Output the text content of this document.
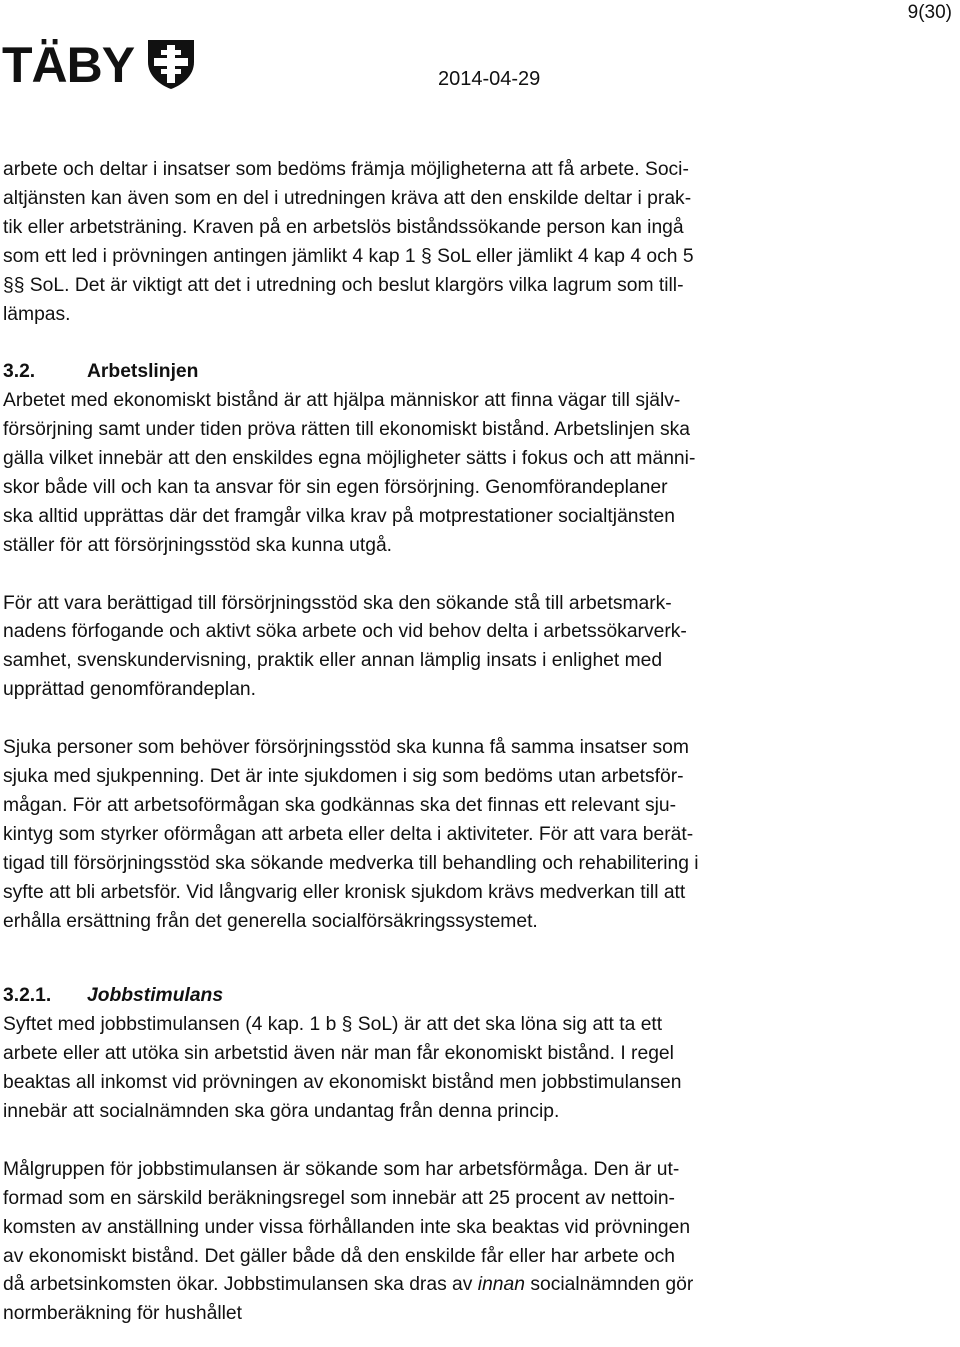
9(30)
TÄBY	2014-04-29

arbete och deltar i insatser som bedöms främja möjligheterna att få arbete. Soci-
altjänsten kan även som en del i utredningen kräva att den enskilde deltar i prak-
tik eller arbetsträning. Kraven på en arbetslös biståndssökande person kan ingå
som ett led i prövningen antingen jämlikt 4 kap 1 § SoL eller jämlikt 4 kap 4 och 5
§§ SoL. Det är viktigt att det i utredning och beslut klargörs vilka lagrum som till-
lämpas.

3.2.	Arbetslinjen

Arbetet med ekonomiskt bistånd är att hjälpa människor att finna vägar till själv-
försörjning samt under tiden pröva rätten till ekonomiskt bistånd. Arbetslinjen ska
gälla vilket innebär att den enskildes egna möjligheter sätts i fokus och att männi-
skor både vill och kan ta ansvar för sin egen försörjning. Genomförandeplaner
ska alltid upprättas där det framgår vilka krav på motprestationer socialtjänsten
ställer för att försörjningsstöd ska kunna utgå.

För att vara berättigad till försörjningsstöd ska den sökande stå till arbetsmark-
nadens förfogande och aktivt söka arbete och vid behov delta i arbetssökarverk-
samhet, svenskundervisning, praktik eller annan lämplig insats i enlighet med
upprättad genomförandeplan.

Sjuka personer som behöver försörjningsstöd ska kunna få samma insatser som
sjuka med sjukpenning. Det är inte sjukdomen i sig som bedöms utan arbetsför-
mågan. För att arbetsoförmågan ska godkännas ska det finnas ett relevant sju-
kintyg som styrker oförmågan att arbeta eller delta i aktiviteter. För att vara berät-
tigad till försörjningsstöd ska sökande medverka till behandling och rehabilitering i
syfte att bli arbetsför. Vid långvarig eller kronisk sjukdom krävs medverkan till att
erhålla ersättning från det generella socialförsäkringssystemet.

3.2.1. Jobbstimulans

Syftet med jobbstimulansen (4 kap. 1 b § SoL) är att det ska löna sig att ta ett
arbete eller att utöka sin arbetstid även när man får ekonomiskt bistånd. I regel
beaktas all inkomst vid prövningen av ekonomiskt bistånd men jobbstimulansen
innebär att socialnämnden ska göra undantag från denna princip.

Målgruppen för jobbstimulansen är sökande som har arbetsförmåga. Den är ut-
formad som en särskild beräkningsregel som innebär att 25 procent av nettoin-
komsten av anställning under vissa förhållanden inte ska beaktas vid prövningen
av ekonomiskt bistånd. Det gäller både då den enskilde får eller har arbete och
då arbetsinkomsten ökar. Jobbstimulansen ska dras av innan socialnämnden gör
normberäkning för hushållet
